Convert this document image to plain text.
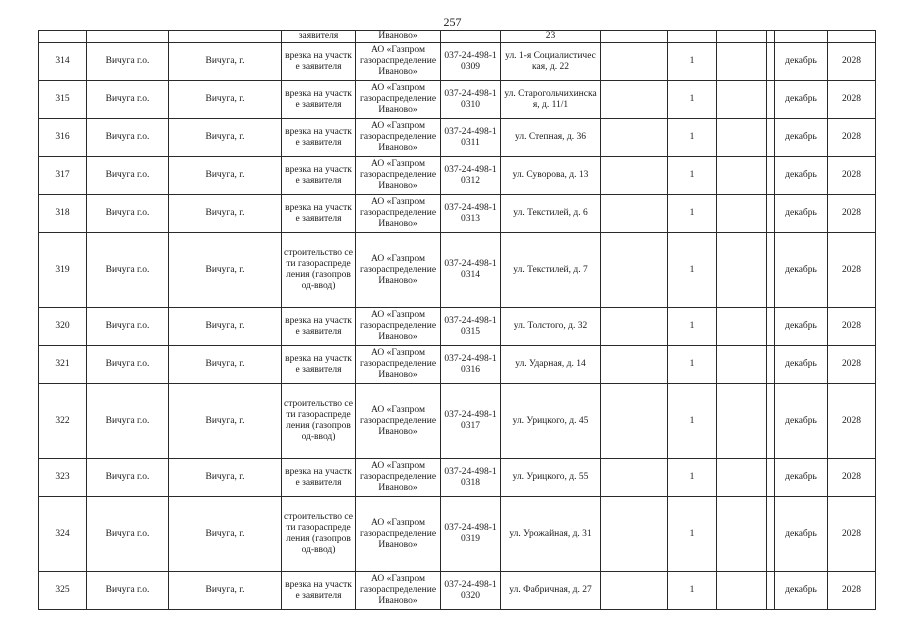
257
			заявителя	Иваново»		23						
314	Вичуга г.о.	Вичуга, г.	врезка на участке заявителя	АО «Газпром газораспределение Иваново»	037-24-498-10309	ул. 1-я Социалистическая, д. 22		1			декабрь	2028
315	Вичуга г.о.	Вичуга, г.	врезка на участке заявителя	АО «Газпром газораспределение Иваново»	037-24-498-10310	ул. Старогольчихинская, д. 11/1		1			декабрь	2028
316	Вичуга г.о.	Вичуга, г.	врезка на участке заявителя	АО «Газпром газораспределение Иваново»	037-24-498-10311	ул. Степная, д. 36		1			декабрь	2028
317	Вичуга г.о.	Вичуга, г.	врезка на участке заявителя	АО «Газпром газораспределение Иваново»	037-24-498-10312	ул. Суворова, д. 13		1			декабрь	2028
318	Вичуга г.о.	Вичуга, г.	врезка на участке заявителя	АО «Газпром газораспределение Иваново»	037-24-498-10313	ул. Текстилей, д. 6		1			декабрь	2028
319	Вичуга г.о.	Вичуга, г.	строительство сети газораспределения (газопровод-ввод)	АО «Газпром газораспределение Иваново»	037-24-498-10314	ул. Текстилей, д. 7		1			декабрь	2028
320	Вичуга г.о.	Вичуга, г.	врезка на участке заявителя	АО «Газпром газораспределение Иваново»	037-24-498-10315	ул. Толстого, д. 32		1			декабрь	2028
321	Вичуга г.о.	Вичуга, г.	врезка на участке заявителя	АО «Газпром газораспределение Иваново»	037-24-498-10316	ул. Ударная, д. 14		1			декабрь	2028
322	Вичуга г.о.	Вичуга, г.	строительство сети газораспределения (газопровод-ввод)	АО «Газпром газораспределение Иваново»	037-24-498-10317	ул. Урицкого, д. 45		1			декабрь	2028
323	Вичуга г.о.	Вичуга, г.	врезка на участке заявителя	АО «Газпром газораспределение Иваново»	037-24-498-10318	ул. Урицкого, д. 55		1			декабрь	2028
324	Вичуга г.о.	Вичуга, г.	строительство сети газораспределения (газопровод-ввод)	АО «Газпром газораспределение Иваново»	037-24-498-10319	ул. Урожайная, д. 31		1			декабрь	2028
325	Вичуга г.о.	Вичуга, г.	врезка на участке заявителя	АО «Газпром газораспределение Иваново»	037-24-498-10320	ул. Фабричная, д. 27		1			декабрь	2028
